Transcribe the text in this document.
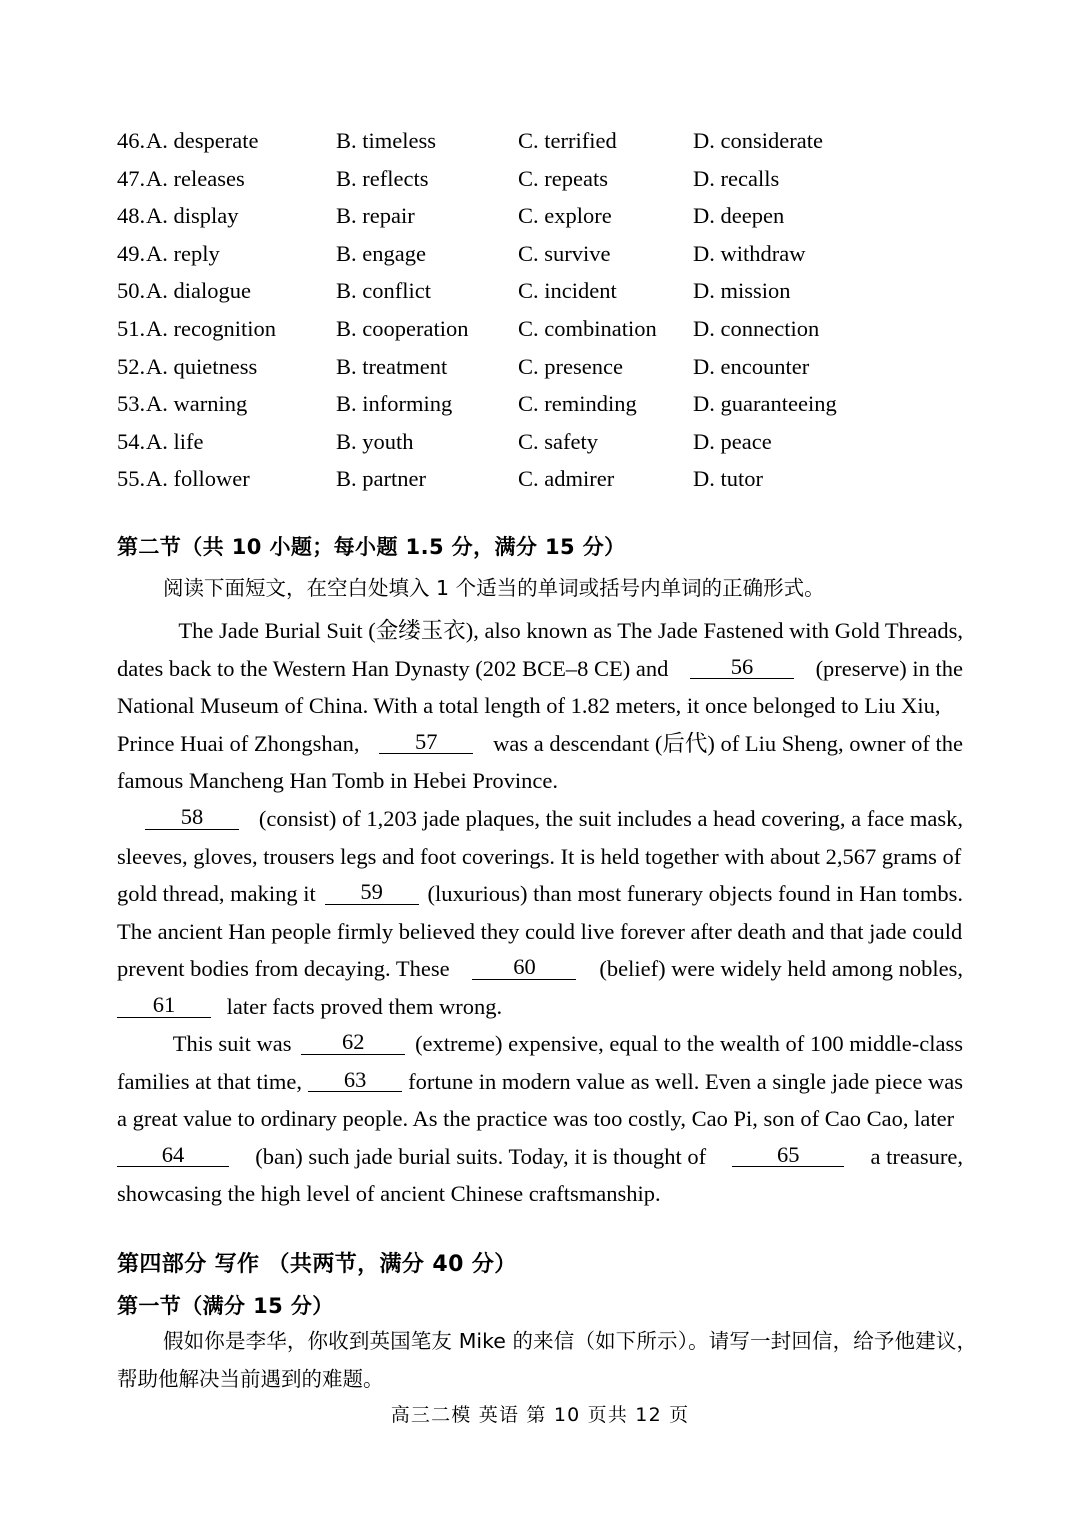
46. A. desperate	B. timeless	C. terrified	D. considerate
47. A. releases	B. reflects	C. repeats	D. recalls
48. A. display	B. repair	C. explore	D. deepen
49. A. reply	B. engage	C. survive	D. withdraw
50. A. dialogue	B. conflict	C. incident	D. mission
51. A. recognition	B. cooperation C. combination D. connection
52. A. quietness	B. treatment	C. presence	D. encounter
53. A. warning	B. informing	C. reminding	D. guaranteeing
54. A. life	B. youth	C. safety	D. peace
55. A. follower	B. partner	C. admirer	D. tutor
第二节（共 10 小题；每小题 1.5 分，满分 15 分）
阅读下面短文，在空白处填入 1 个适当的单词或括号内单词的正确形式。
The Jade Burial Suit (金缕玉衣), also known as The Jade Fastened with Gold Threads,
dates back to the Western Han Dynasty (202 BCE–8 CE) and	56	(preserve) in the
National Museum of China. With a total length of 1.82 meters, it once belonged to Liu Xiu,
Prince Huai of Zhongshan,	57	was a descendant (后代) of Liu Sheng, owner of the
famous Mancheng Han Tomb in Hebei Province.
58	(consist) of 1,203 jade plaques, the suit includes a head covering, a face mask,
sleeves, gloves, trousers legs and foot coverings. It is held together with about 2,567 grams of
gold thread, making it	59	(luxurious) than most funerary objects found in Han tombs.
The ancient Han people firmly believed they could live forever after death and that jade could
prevent bodies from decaying. These	60	(belief) were widely held among nobles,
61 later facts proved them wrong.
This suit was	62	(extreme) expensive, equal to the wealth of 100 middle-class
families at that time,	63	fortune in modern value as well. Even a single jade piece was
a great value to ordinary people. As the practice was too costly, Cao Pi, son of Cao Cao, later
64	(ban) such jade burial suits. Today, it is thought of	65	a treasure,
showcasing the high level of ancient Chinese craftsmanship.
第四部分 写作 （共两节，满分 40 分）
第一节（满分 15 分）
假如你是李华，你收到英国笔友 Mike 的来信（如下所示）。请写一封回信，给予他建议，帮助他解决当前遇到的难题。
高三二模 英语 第 10 页共 12 页
